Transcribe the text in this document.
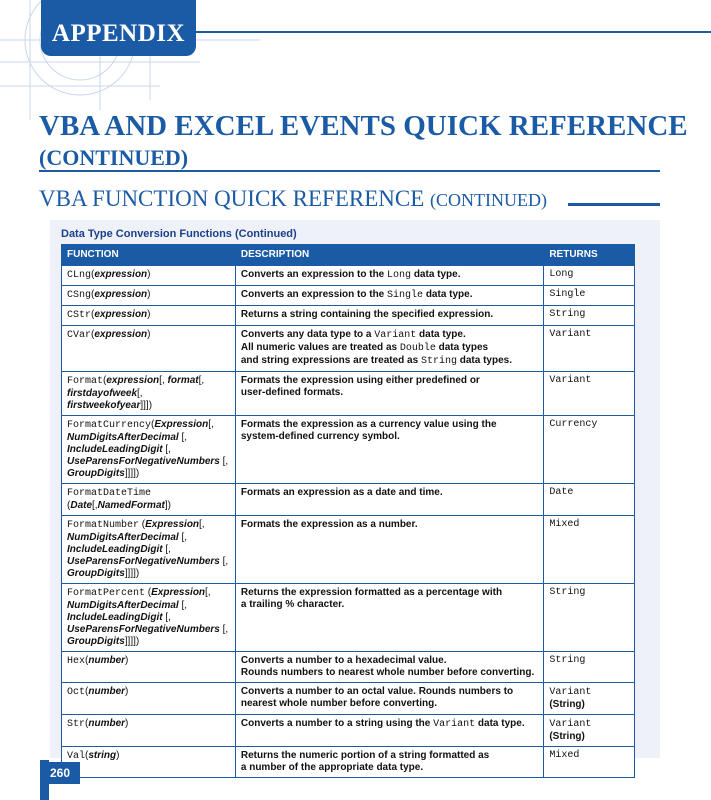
APPENDIX
VBA AND EXCEL EVENTS QUICK REFERENCE
(CONTINUED)
VBA FUNCTION QUICK REFERENCE (CONTINUED)
Data Type Conversion Functions (Continued)
FUNCTION	DESCRIPTION	RETURNS
CLng(expression)	Converts an expression to the Long data type.	Long
CSng(expression)	Converts an expression to the Single data type.	Single
CStr(expression)	Returns a string containing the specified expression.	String
CVar(expression)	Converts any data type to a Variant data type.
All numeric values are treated as Double data types
and string expressions are treated as String data types.	Variant
Format(expression[, format[,
firstdayofweek[, firstweekofyear]]])	Formats the expression using either predefined or
user-defined formats.	Variant
FormatCurrency(Expression[,
NumDigitsAfterDecimal [,
IncludeLeadingDigit [,
UseParensForNegativeNumbers [,
GroupDigits]]]])	Formats the expression as a currency value using the
system-defined currency symbol.	Currency
FormatDateTime
(Date[,NamedFormat])	Formats an expression as a date and time.	Date
FormatNumber (Expression[,
NumDigitsAfterDecimal [,
IncludeLeadingDigit [,
UseParensForNegativeNumbers [,
GroupDigits]]]])	Formats the expression as a number.	Mixed
FormatPercent (Expression[,
NumDigitsAfterDecimal [,
IncludeLeadingDigit [,
UseParensForNegativeNumbers [,
GroupDigits]]]])	Returns the expression formatted as a percentage with
a trailing % character.	String
Hex(number)	Converts a number to a hexadecimal value.
Rounds numbers to nearest whole number before converting.	String
Oct(number)	Converts a number to an octal value. Rounds numbers to
nearest whole number before converting.	Variant
(String)
Str(number)	Converts a number to a string using the Variant data type.	Variant
(String)
Val(string)	Returns the numeric portion of a string formatted as
a number of the appropriate data type.	Mixed
260
